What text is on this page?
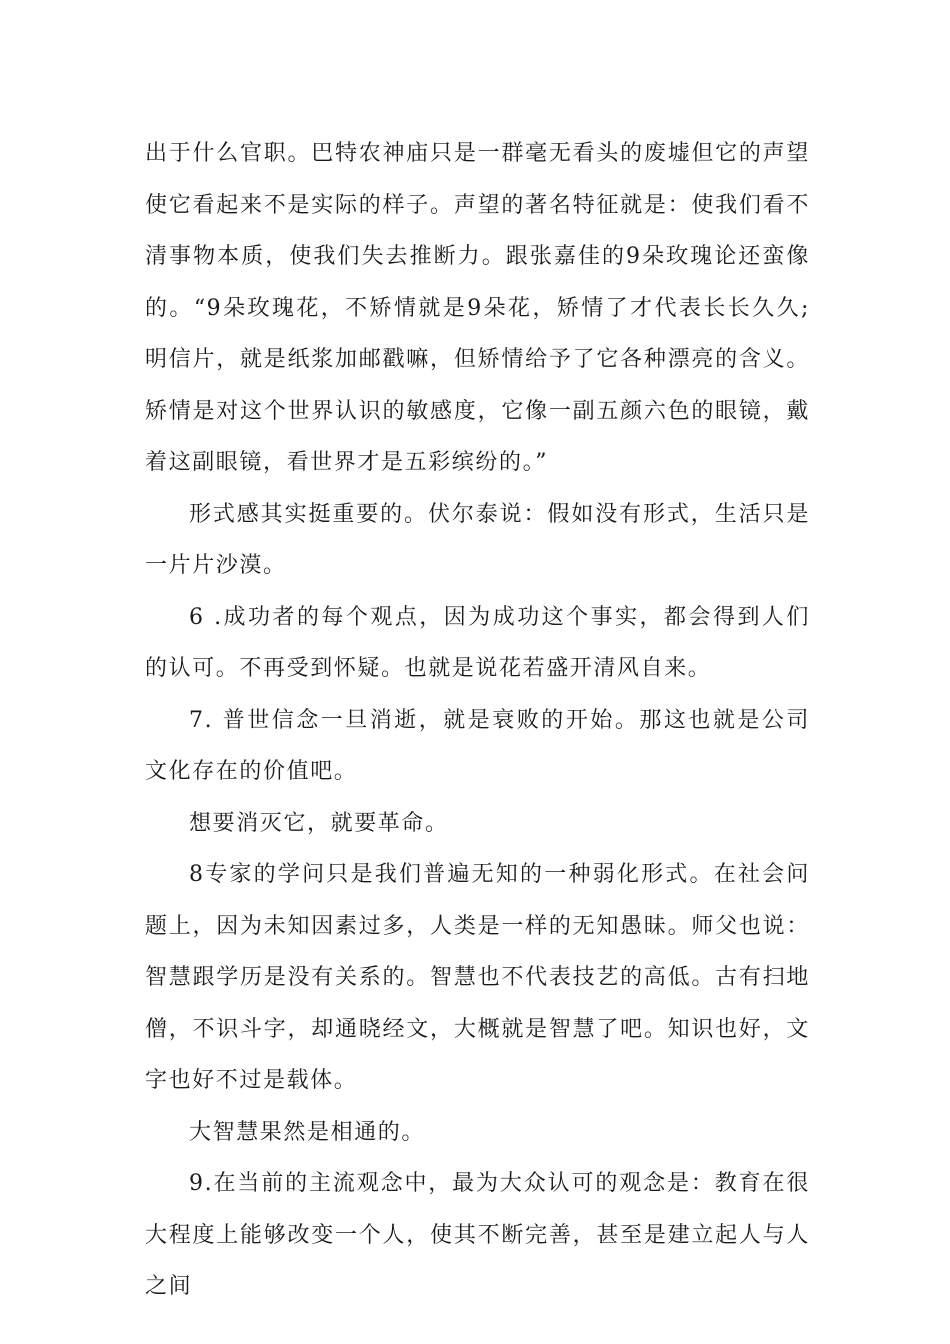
出于什么官职。巴特农神庙只是一群毫无看头的废墟但它的声望使它看起来不是实际的样子。声望的著名特征就是：使我们看不清事物本质，使我们失去推断力。跟张嘉佳的9朵玫瑰论还蛮像的。“9朵玫瑰花，不矫情就是9朵花，矫情了才代表长长久久;明信片，就是纸浆加邮戳嘛，但矫情给予了它各种漂亮的含义。矫情是对这个世界认识的敏感度，它像一副五颜六色的眼镜，戴着这副眼镜，看世界才是五彩缤纷的。”

形式感其实挺重要的。伏尔泰说：假如没有形式，生活只是一片片沙漠。

6 .成功者的每个观点，因为成功这个事实，都会得到人们的认可。不再受到怀疑。也就是说花若盛开清风自来。

7. 普世信念一旦消逝，就是衰败的开始。那这也就是公司文化存在的价值吧。

想要消灭它，就要革命。

8专家的学问只是我们普遍无知的一种弱化形式。在社会问题上，因为未知因素过多，人类是一样的无知愚昧。师父也说：智慧跟学历是没有关系的。智慧也不代表技艺的高低。古有扫地僧，不识斗字，却通晓经文，大概就是智慧了吧。知识也好，文字也好不过是载体。

大智慧果然是相通的。

9.在当前的主流观念中，最为大众认可的观念是：教育在很大程度上能够改变一个人，使其不断完善，甚至是建立起人与人之间
